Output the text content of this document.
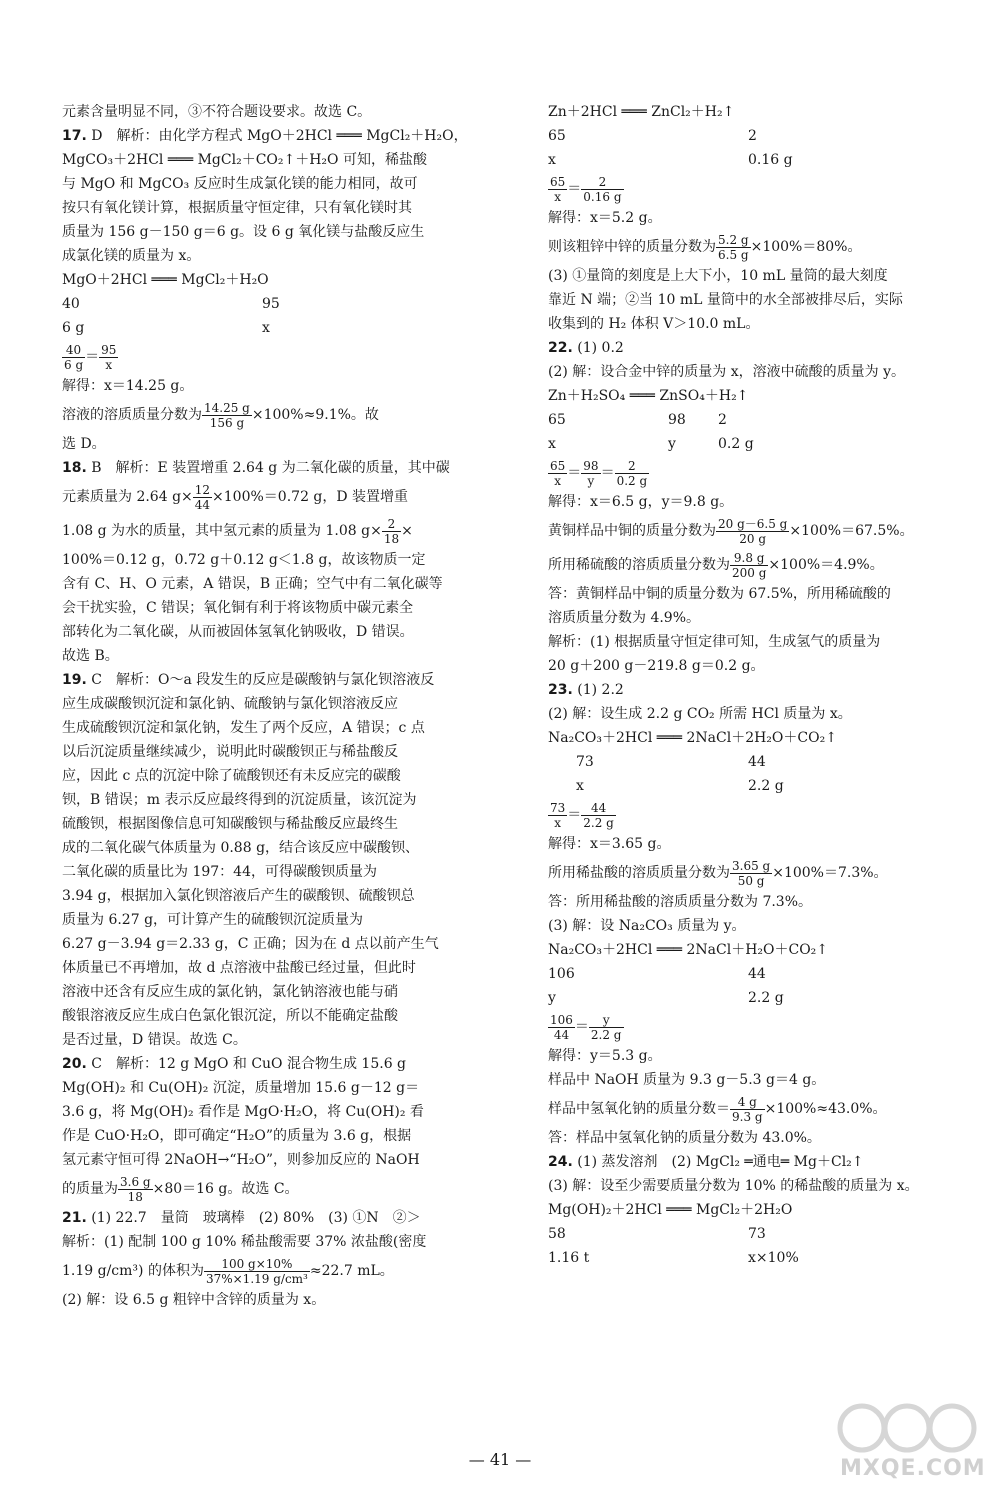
元素含量明显不同，③不符合题设要求。故选 C。
17. D　解析：由化学方程式 MgO＋2HCl ═══ MgCl₂＋H₂O，
MgCO₃＋2HCl ═══ MgCl₂＋CO₂↑＋H₂O 可知，稀盐酸
与 MgO 和 MgCO₃ 反应时生成氯化镁的能力相同，故可
按只有氧化镁计算，根据质量守恒定律，只有氧化镁时其
质量为 156 g－150 g＝6 g。设 6 g 氧化镁与盐酸反应生
成氯化镁的质量为 x。
MgO＋2HCl ═══ MgCl₂＋H₂O
40	95
6 g	x
$\frac{40}{6 g} = \frac{95}{x}$
解得：x＝14.25 g。
溶液的溶质质量分数为 $\frac{14.25 g}{156 g} \times 100\%\approx 9.1\%$。故
选 D。
18. B　解析：E 装置增重 2.64 g 为二氧化碳的质量，其中碳
元素质量为 2.64 $g\times \frac{12}{44} \times 100\%=0.72$ g，D 装置增重
1.08 g 为水的质量，其中氢元素的质量为 1.08 $g\times \frac{2}{18}$ ×
100%＝0.12 g，0.72 g＋0.12 g＜1.8 g，故该物质一定
含有 C、H、O 元素，A 错误，B 正确；空气中有二氧化碳等
会干扰实验，C 错误；氧化铜有利于将该物质中碳元素全
部转化为二氧化碳，从而被固体氢氧化钠吸收，D 错误。
故选 B。
19. C　解析：O～a 段发生的反应是碳酸钠与氯化钡溶液反
应生成碳酸钡沉淀和氯化钠、硫酸钠与氯化钡溶液反应
生成硫酸钡沉淀和氯化钠，发生了两个反应，A 错误；c 点
以后沉淀质量继续减少，说明此时碳酸钡正与稀盐酸反
应，因此 c 点的沉淀中除了硫酸钡还有未反应完的碳酸
钡，B 错误；m 表示反应最终得到的沉淀质量，该沉淀为
硫酸钡，根据图像信息可知碳酸钡与稀盐酸反应最终生
成的二氧化碳气体质量为 0.88 g，结合该反应中碳酸钡、
二氧化碳的质量比为 197：44，可得碳酸钡质量为
3.94 g，根据加入氯化钡溶液后产生的碳酸钡、硫酸钡总
质量为 6.27 g，可计算产生的硫酸钡沉淀质量为
6.27 g－3.94 g＝2.33 g，C 正确；因为在 d 点以前产生气
体质量已不再增加，故 d 点溶液中盐酸已经过量，但此时
溶液中还含有反应生成的氯化钠，氯化钠溶液也能与硝
酸银溶液反应生成白色氯化银沉淀，所以不能确定盐酸
是否过量，D 错误。故选 C。
20. C　解析：12 g MgO 和 CuO 混合物生成 15.6 g
Mg(OH)₂ 和 Cu(OH)₂ 沉淀，质量增加 15.6 g－12 g＝
3.6 g，将 Mg(OH)₂ 看作是 MgO·H₂O，将 Cu(OH)₂ 看
作是 CuO·H₂O，即可确定“H₂O”的质量为 3.6 g，根据
氢元素守恒可得 2NaOH→“H₂O”，则参加反应的 NaOH
的质量为 $\frac{3.6 g}{18} \times 80=16$ g。故选 C。
21. (1) 22.7　量筒　玻璃棒　(2) 80%　(3) ①N　②＞
解析：(1) 配制 100 g 10% 稀盐酸需要 37% 浓盐酸(密度
1.19 g/cm³) 的体积为 $\frac{100 g\times 10\%}{\text{37\%×1.19 g/cm³}} \approx 22.7$ mL。
(2) 解：设 6.5 g 粗锌中含锌的质量为 x。
Zn＋2HCl ═══ ZnCl₂＋H₂↑
65	2
x	0.16 g
$\frac{65}{x} = \frac{2}{0.16 g}$
解得：x＝5.2 g。
则该粗锌中锌的质量分数为 $\frac{5.2 g}{6.5 g} \times 100\%=80\%$。
(3) ①量筒的刻度是上大下小，10 mL 量筒的最大刻度
靠近 N 端；②当 10 mL 量筒中的水全部被排尽后，实际
收集到的 H₂ 体积 V＞10.0 mL。
22. (1) 0.2
(2) 解：设合金中锌的质量为 x，溶液中硫酸的质量为 y。
Zn＋H₂SO₄ ═══ ZnSO₄＋H₂↑
65	98 2
x	y	0.2 g
$\frac{65}{x} = \frac{98}{y} = \frac{2}{0.2 g}$
解得：x＝6.5 g，y＝9.8 g。
黄铜样品中铜的质量分数为 $\frac{20 g-6.5 g}{20 g} \times 100\%=67.5\%$。
所用稀硫酸的溶质质量分数为 $\frac{9.8 g}{200 g} \times 100\%=4.9\%$。
答：黄铜样品中铜的质量分数为 67.5%，所用稀硫酸的
溶质质量分数为 4.9%。
解析：(1) 根据质量守恒定律可知，生成氢气的质量为
20 g＋200 g－219.8 g＝0.2 g。
23. (1) 2.2
(2) 解：设生成 2.2 g CO₂ 所需 HCl 质量为 x。
Na₂CO₃＋2HCl ═══ 2NaCl＋2H₂O＋CO₂↑
　　73	44
　　x	2.2 g
$\frac{73}{x} = \frac{44}{2.2 g}$
解得：x＝3.65 g。
所用稀盐酸的溶质质量分数为 $\frac{3.65 g}{50 g} \times 100\%=7.3\%$。
答：所用稀盐酸的溶质质量分数为 7.3%。
(3) 解：设 Na₂CO₃ 质量为 y。
Na₂CO₃＋2HCl ═══ 2NaCl＋H₂O＋CO₂↑
106	44
y	2.2 g
$\frac{106}{44} = \frac{y}{2.2 g}$
解得：y＝5.3 g。
样品中 NaOH 质量为 9.3 g－5.3 g＝4 g。
样品中氢氧化钠的质量分数＝ $\frac{4 g}{9.3 g} \times 100\%\approx 43.0\%$。
答：样品中氢氧化钠的质量分数为 43.0%。
24. (1) 蒸发溶剂　(2) MgCl₂ ═通电═ Mg＋Cl₂↑
(3) 解：设至少需要质量分数为 10% 的稀盐酸的质量为 x。
Mg(OH)₂＋2HCl ═══ MgCl₂＋2H₂O
58	73
1.16 t	x×10%
— 41 —	MXQE.COM
